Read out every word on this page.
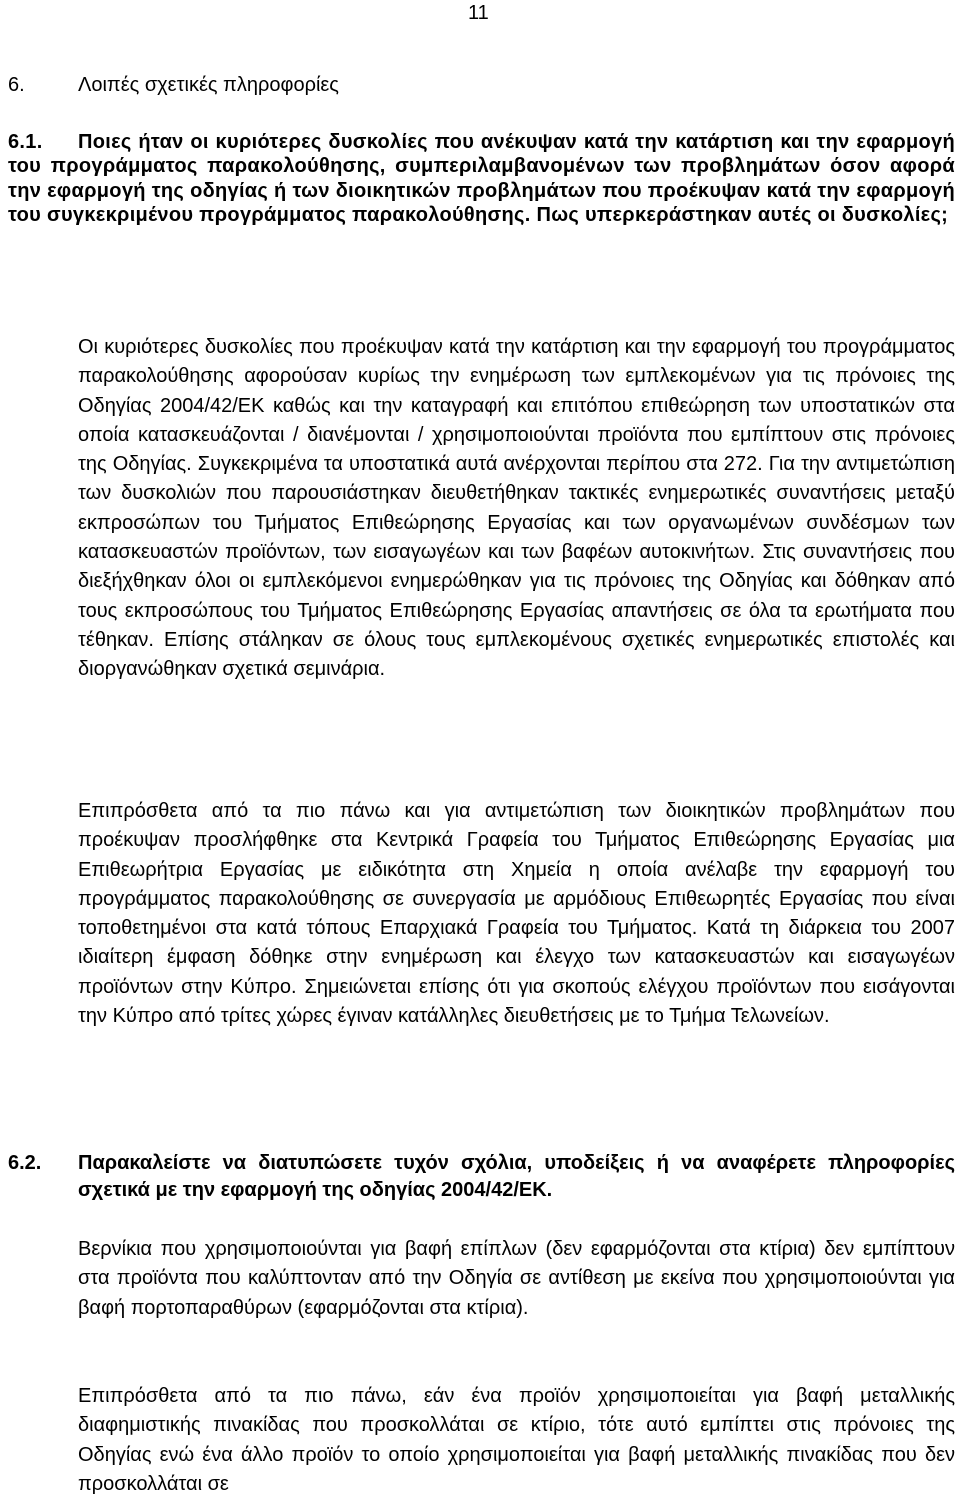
11
6.	Λοιπές σχετικές πληροφορίες
6.1. Ποιες ήταν οι κυριότερες δυσκολίες που ανέκυψαν κατά την κατάρτιση και την εφαρμογή του προγράμματος παρακολούθησης, συμπεριλαμβανομένων των προβλημάτων όσον αφορά την εφαρμογή της οδηγίας ή των διοικητικών προβλημάτων που προέκυψαν κατά την εφαρμογή του συγκεκριμένου προγράμματος παρακολούθησης. Πως υπερκεράστηκαν αυτές οι δυσκολίες;

Οι κυριότερες δυσκολίες που προέκυψαν κατά την κατάρτιση και την εφαρμογή του προγράμματος παρακολούθησης αφορούσαν κυρίως την ενημέρωση των εμπλεκομένων για τις πρόνοιες της Οδηγίας 2004/42/ΕΚ καθώς και την καταγραφή και επιτόπου επιθεώρηση των υποστατικών στα οποία κατασκευάζονται / διανέμονται / χρησιμοποιούνται προϊόντα που εμπίπτουν στις πρόνοιες της Οδηγίας. Συγκεκριμένα τα υποστατικά αυτά ανέρχονται περίπου στα 272. Για την αντιμετώπιση των δυσκολιών που παρουσιάστηκαν διευθετήθηκαν τακτικές ενημερωτικές συναντήσεις μεταξύ εκπροσώπων του Τμήματος Επιθεώρησης Εργασίας και των οργανωμένων συνδέσμων των κατασκευαστών προϊόντων, των εισαγωγέων και των βαφέων αυτοκινήτων. Στις συναντήσεις που διεξήχθηκαν όλοι οι εμπλεκόμενοι ενημερώθηκαν για τις πρόνοιες της Οδηγίας και δόθηκαν από τους εκπροσώπους του Τμήματος Επιθεώρησης Εργασίας απαντήσεις σε όλα τα ερωτήματα που τέθηκαν. Επίσης στάληκαν σε όλους τους εμπλεκομένους σχετικές ενημερωτικές επιστολές και διοργανώθηκαν σχετικά σεμινάρια.

Επιπρόσθετα από τα πιο πάνω και για αντιμετώπιση των διοικητικών προβλημάτων που προέκυψαν προσλήφθηκε στα Κεντρικά Γραφεία του Τμήματος Επιθεώρησης Εργασίας μια Επιθεωρήτρια Εργασίας με ειδικότητα στη Χημεία η οποία ανέλαβε την εφαρμογή του προγράμματος παρακολούθησης σε συνεργασία με αρμόδιους Επιθεωρητές Εργασίας που είναι τοποθετημένοι στα κατά τόπους Επαρχιακά Γραφεία του Τμήματος. Κατά τη διάρκεια του 2007 ιδιαίτερη έμφαση δόθηκε στην ενημέρωση και έλεγχο των κατασκευαστών και εισαγωγέων προϊόντων στην Κύπρο. Σημειώνεται επίσης ότι για σκοπούς ελέγχου προϊόντων που εισάγονται την Κύπρο από τρίτες χώρες έγιναν κατάλληλες διευθετήσεις με το Τμήμα Τελωνείων.

6.2.	Παρακαλείστε να διατυπώσετε τυχόν σχόλια, υποδείξεις ή να αναφέρετε πληροφορίες σχετικά με την εφαρμογή της οδηγίας 2004/42/ΕΚ.

Βερνίκια που χρησιμοποιούνται για βαφή επίπλων (δεν εφαρμόζονται στα κτίρια) δεν εμπίπτουν στα προϊόντα που καλύπτονταν από την Οδηγία σε αντίθεση με εκείνα που χρησιμοποιούνται για βαφή πορτοπαραθύρων (εφαρμόζονται στα κτίρια).

Επιπρόσθετα από τα πιο πάνω, εάν ένα προϊόν χρησιμοποιείται για βαφή μεταλλικής διαφημιστικής πινακίδας που προσκολλάται σε κτίριο, τότε αυτό εμπίπτει στις πρόνοιες της Οδηγίας ενώ ένα άλλο προϊόν το οποίο χρησιμοποιείται για βαφή μεταλλικής πινακίδας που δεν προσκολλάται σε
